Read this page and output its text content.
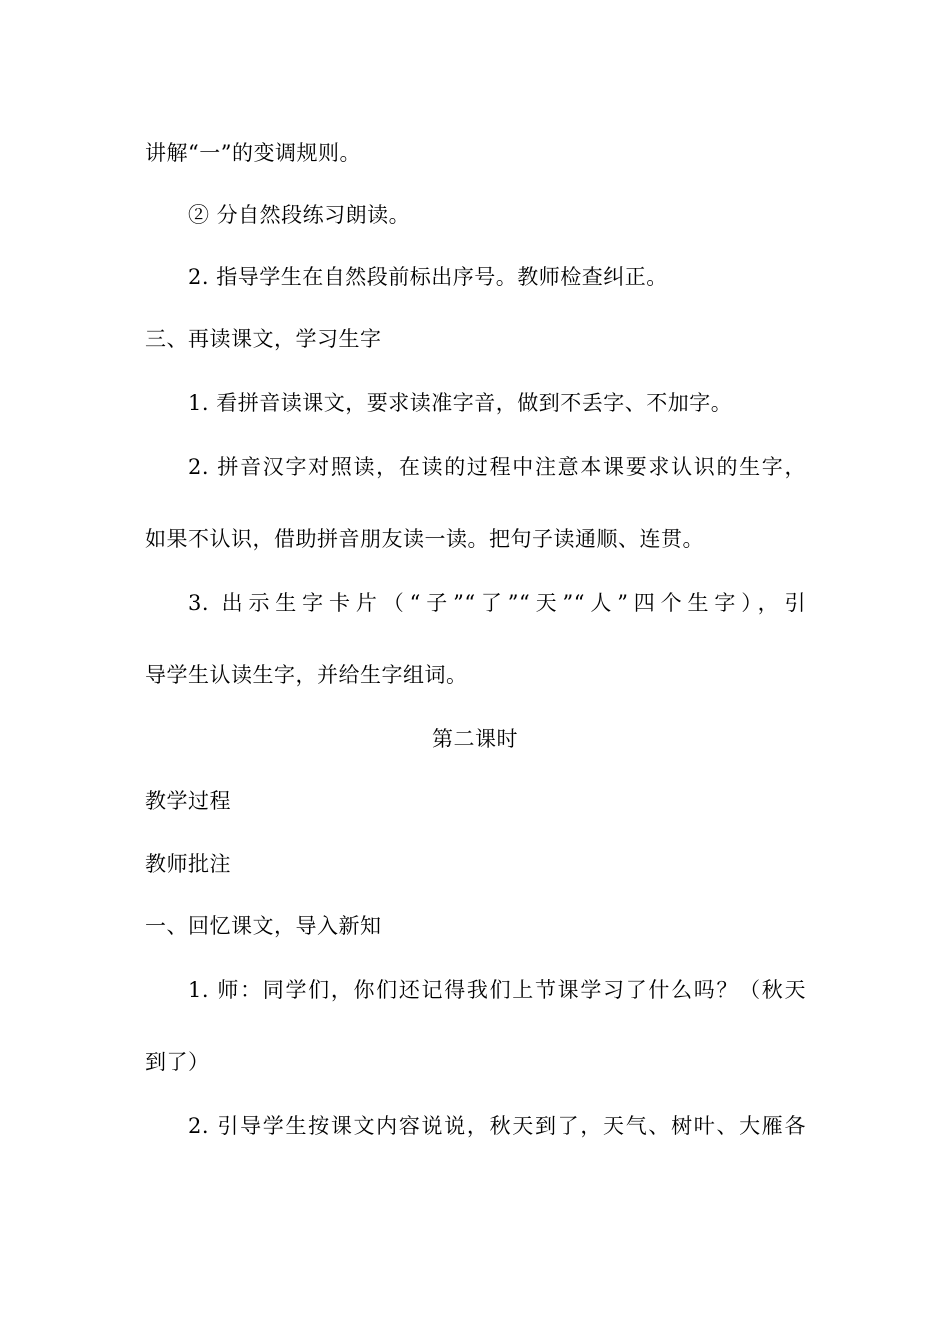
讲解“一”的变调规则。
② 分自然段练习朗读。
2. 指导学生在自然段前标出序号。教师检查纠正。
三、再读课文，学习生字
1. 看拼音读课文，要求读准字音，做到不丢字、不加字。
2. 拼音汉字对照读，在读的过程中注意本课要求认识的生字，
如果不认识，借助拼音朋友读一读。把句子读通顺、连贯。
3. 出示生字卡片（“子”“了”“天”“人”四个生字），引
导学生认读生字，并给生字组词。
第二课时
教学过程
教师批注
一、回忆课文，导入新知
1. 师：同学们，你们还记得我们上节课学习了什么吗？（秋天
到了）
2. 引导学生按课文内容说说，秋天到了，天气、树叶、大雁各
